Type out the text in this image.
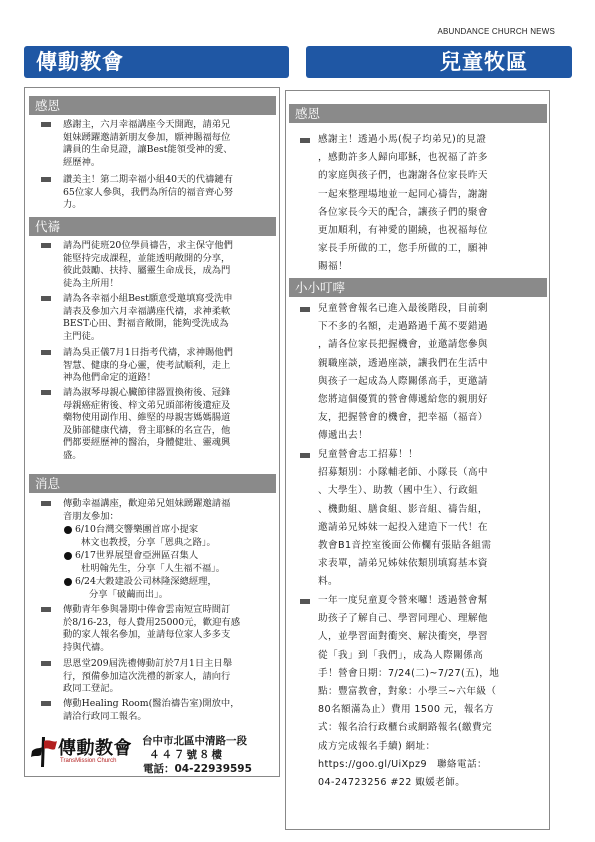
ABUNDANCE CHURCH NEWS
傳動教會
感恩
感謝主，六月幸福講座今天開跑，請弟兄
姐妹踴躍邀請新朋友參加，願神賜福每位
講員的生命見證，讓Best能領受神的愛、
經歷神。
讚美主！第二期幸福小組40天的代禱鏈有
65位家人參與，我們為所信的福音齊心努
力。
代禱
請為門徒班20位學員禱告，求主保守他們
能堅持完成課程，並能透明敞開的分享，
彼此鼓勵、扶持、屬靈生命成長，成為門
徒為主所用！
請為各幸福小組Best願意受邀填寫受洗申
請表及參加六月幸福講座代禱，求神柔軟
BEST心田、對福音敞開，能夠受洗成為
主門徒。
請為吳正儀7月1日指考代禱，求神賜他們
智慧、健康的身心靈，使考試順利，走上
神為他們命定的道路！
請為淑琴母親心臟節律器置換術後、冠鋒
母親癌症術後、梓文弟兄頭部術後遺症及
藥物使用副作用、維堅的母親害媽媽腸道
及肺部健康代禱，脅主耶穌的名宣告，他
們都要經歷神的醫治，身體健壯、靈魂興
盛。
消息
傳動幸福講座，歡迎弟兄姐妹踴躍邀請福
音朋友參加：
6/10台灣交響樂團首席小提家
林文也教授，分享「恩典之路」。
6/17世界展望會亞洲區召集人
杜明翰先生，分享「人生福不福」。
6/24大穀建設公司林隆深總經理，
分享「破繭而出」。
傳動青年參與暑期中俸會雲南短宣時間訂
於8/16-23，每人費用25000元，歡迎有感
動的家人報名參加，並請每位家人多多支
持與代禱。
思恩堂209屆洗禮傳動訂於7月1日主日舉
行，預備參加這次洗禮的新家人，請向行
政同工登記。
傳動Healing Room(醫治禱告室)開放中，
請洽行政同工報名。
傳動教會
TransMission Church
台中市北區中清路一段
４４７號８樓
電話：04-22939595
兒童牧區
感恩
感謝主！透過小馬(倪子均弟兄)的見證
，感動許多人歸向耶穌，也祝福了許多
的家庭與孩子們，也謝謝各位家長昨天
一起來整理場地並一起同心禱告，謝謝
各位家長今天的配合，讓孩子們的聚會
更加順利，有神愛的圍繞，也祝福每位
家長手所做的工，您手所做的工，願神
賜福！
小小叮嚀
兒童營會報名已進入最後階段，目前剩
下不多的名額，走過路過千萬不要錯過
，請各位家長把握機會，並邀請您參與
親職座談，透過座談，讓我們在生活中
與孩子一起成為人際關係高手，更邀請
您將這個優質的營會傳遞給您的親朋好
友，把握營會的機會，把幸福（福音）
傳遞出去！
兒童營會志工招募！！
招募類別：小隊輔老師、小隊長（高中
、大學生）、助教（國中生）、行政組
、機動組、膳食組、影音組、禱告組，
邀請弟兄姊妹一起投入建造下一代！在
教會B1音控室後面公佈欄有張貼各組需
求表單，請弟兄姊妹依類別填寫基本資
料。
一年一度兒童夏令營來囉！透過營會幫
助孩子了解自己、學習同理心、理解他
人，並學習面對衝突、解決衝突，學習
從「我」到「我們」，成為人際關係高
手！營會日期：7/24(二)~7/27(五)，地
點：豐富教會，對象：小學三~六年級（
80名額滿為止）費用 1500 元，報名方
式：報名洽行政櫃台或網路報名(繳費完
成方完成報名手續) 網址：
https://goo.gl/UiXpz9　聯絡電話：
04-24723256 #22 娵媛老師。
